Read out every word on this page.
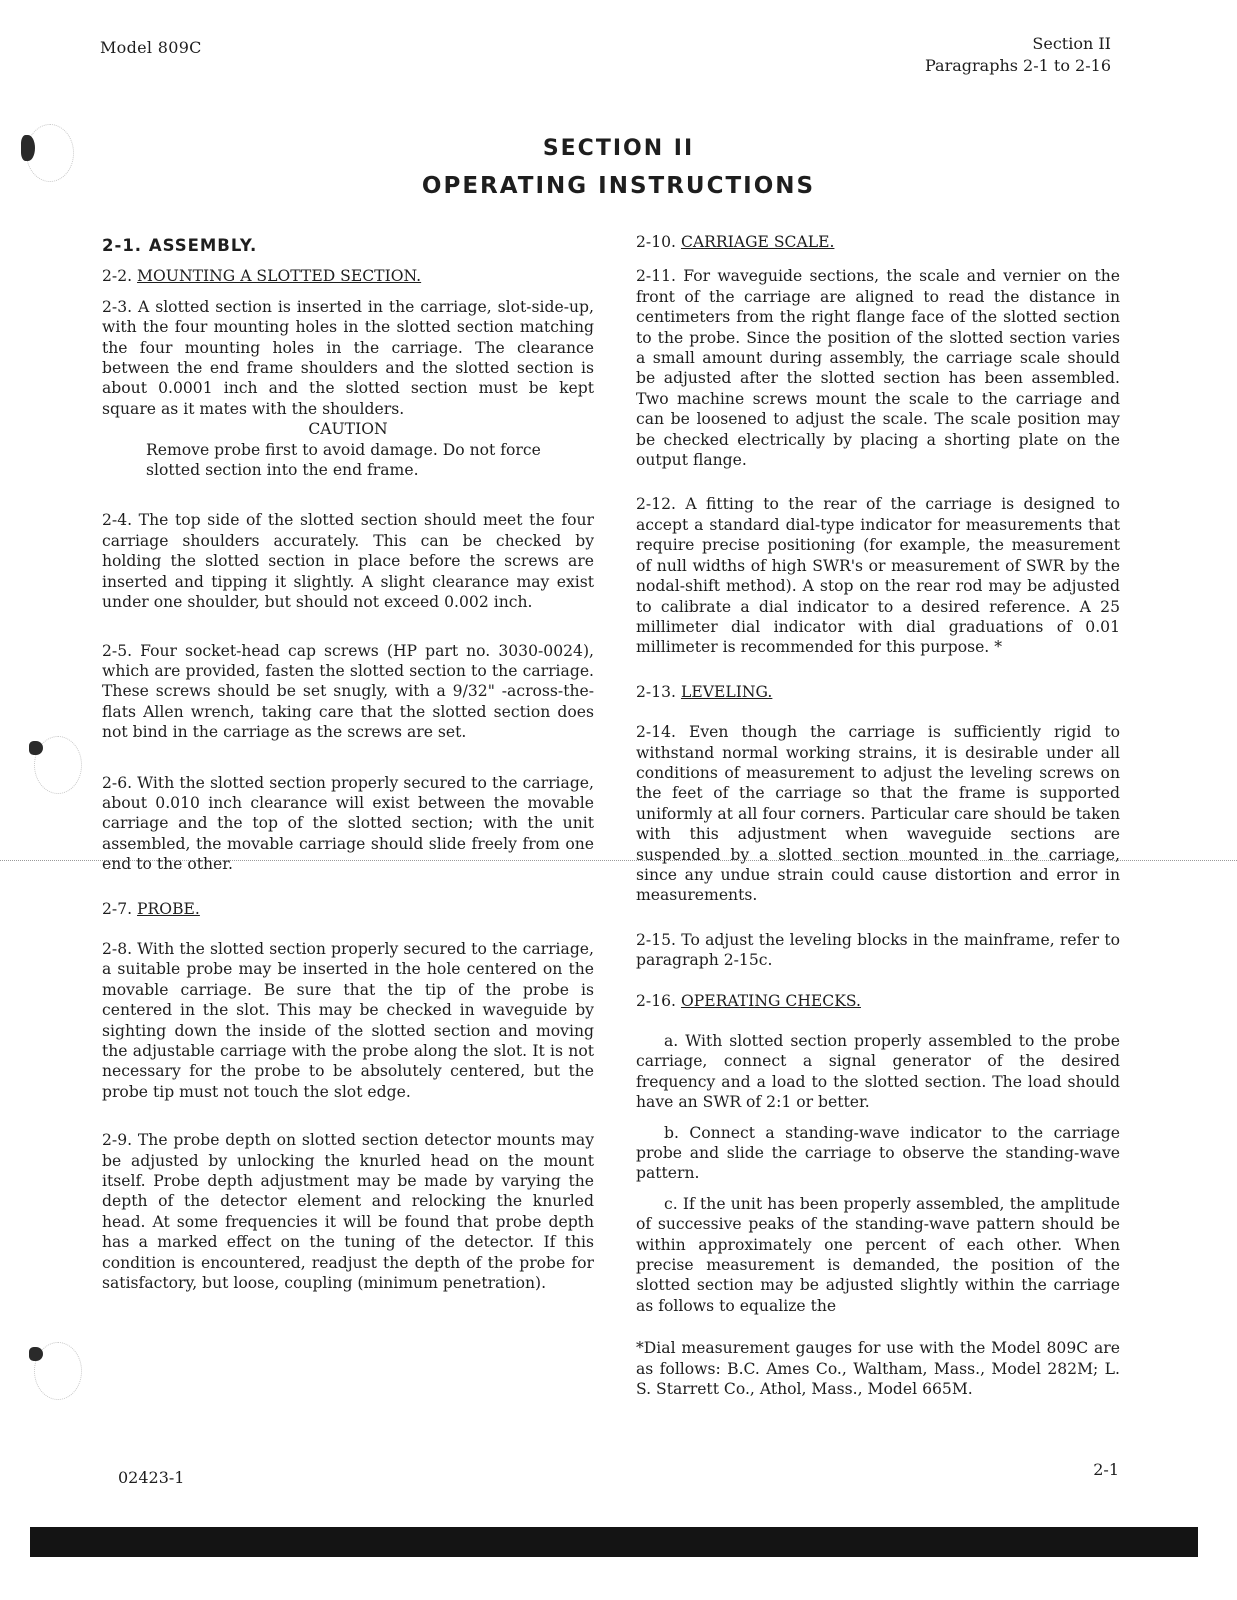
Model 809C	Section II
Paragraphs 2-1 to 2-16
SECTION II
OPERATING INSTRUCTIONS

2-1. ASSEMBLY.

2-2. MOUNTING A SLOTTED SECTION.

2-3. A slotted section is inserted in the carriage, slot-side-up, with the four mounting holes in the slotted section matching the four mounting holes in the carriage. The clearance between the end frame shoulders and the slotted section is about 0.0001 inch and the slotted section must be kept square as it mates with the shoulders.

CAUTION

Remove probe first to avoid damage. Do not force slotted section into the end frame.

2-4. The top side of the slotted section should meet the four carriage shoulders accurately. This can be checked by holding the slotted section in place before the screws are inserted and tipping it slightly. A slight clearance may exist under one shoulder, but should not exceed 0.002 inch.

2-5. Four socket-head cap screws (HP part no. 3030-0024), which are provided, fasten the slotted section to the carriage. These screws should be set snugly, with a 9/32" -across-the-flats Allen wrench, taking care that the slotted section does not bind in the carriage as the screws are set.

2-6. With the slotted section properly secured to the carriage, about 0.010 inch clearance will exist between the movable carriage and the top of the slotted section; with the unit assembled, the movable carriage should slide freely from one end to the other.

2-7. PROBE.

2-8. With the slotted section properly secured to the carriage, a suitable probe may be inserted in the hole centered on the movable carriage. Be sure that the tip of the probe is centered in the slot. This may be checked in waveguide by sighting down the inside of the slotted section and moving the adjustable carriage with the probe along the slot. It is not necessary for the probe to be absolutely centered, but the probe tip must not touch the slot edge.

2-9. The probe depth on slotted section detector mounts may be adjusted by unlocking the knurled head on the mount itself. Probe depth adjustment may be made by varying the depth of the detector element and relocking the knurled head. At some frequencies it will be found that probe depth has a marked effect on the tuning of the detector. If this condition is encountered, readjust the depth of the probe for satisfactory, but loose, coupling (minimum penetration).

2-10. CARRIAGE SCALE.

2-11. For waveguide sections, the scale and vernier on the front of the carriage are aligned to read the distance in centimeters from the right flange face of the slotted section to the probe. Since the position of the slotted section varies a small amount during assembly, the carriage scale should be adjusted after the slotted section has been assembled. Two machine screws mount the scale to the carriage and can be loosened to adjust the scale. The scale position may be checked electrically by placing a shorting plate on the output flange.

2-12. A fitting to the rear of the carriage is designed to accept a standard dial-type indicator for measurements that require precise positioning (for example, the measurement of null widths of high SWR's or measurement of SWR by the nodal-shift method). A stop on the rear rod may be adjusted to calibrate a dial indicator to a desired reference. A 25 millimeter dial indicator with dial graduations of 0.01 millimeter is recommended for this purpose. *

2-13. LEVELING.

2-14. Even though the carriage is sufficiently rigid to withstand normal working strains, it is desirable under all conditions of measurement to adjust the leveling screws on the feet of the carriage so that the frame is supported uniformly at all four corners. Particular care should be taken with this adjustment when waveguide sections are suspended by a slotted section mounted in the carriage, since any undue strain could cause distortion and error in measurements.

2-15. To adjust the leveling blocks in the mainframe, refer to paragraph 2-15c.

2-16. OPERATING CHECKS.

a. With slotted section properly assembled to the probe carriage, connect a signal generator of the desired frequency and a load to the slotted section. The load should have an SWR of 2:1 or better.

b. Connect a standing-wave indicator to the carriage probe and slide the carriage to observe the standing-wave pattern.

c. If the unit has been properly assembled, the amplitude of successive peaks of the standing-wave pattern should be within approximately one percent of each other. When precise measurement is demanded, the position of the slotted section may be adjusted slightly within the carriage as follows to equalize the

*Dial measurement gauges for use with the Model 809C are as follows: B.C. Ames Co., Waltham, Mass., Model 282M; L. S. Starrett Co., Athol, Mass., Model 665M.

02423-1	2-1
